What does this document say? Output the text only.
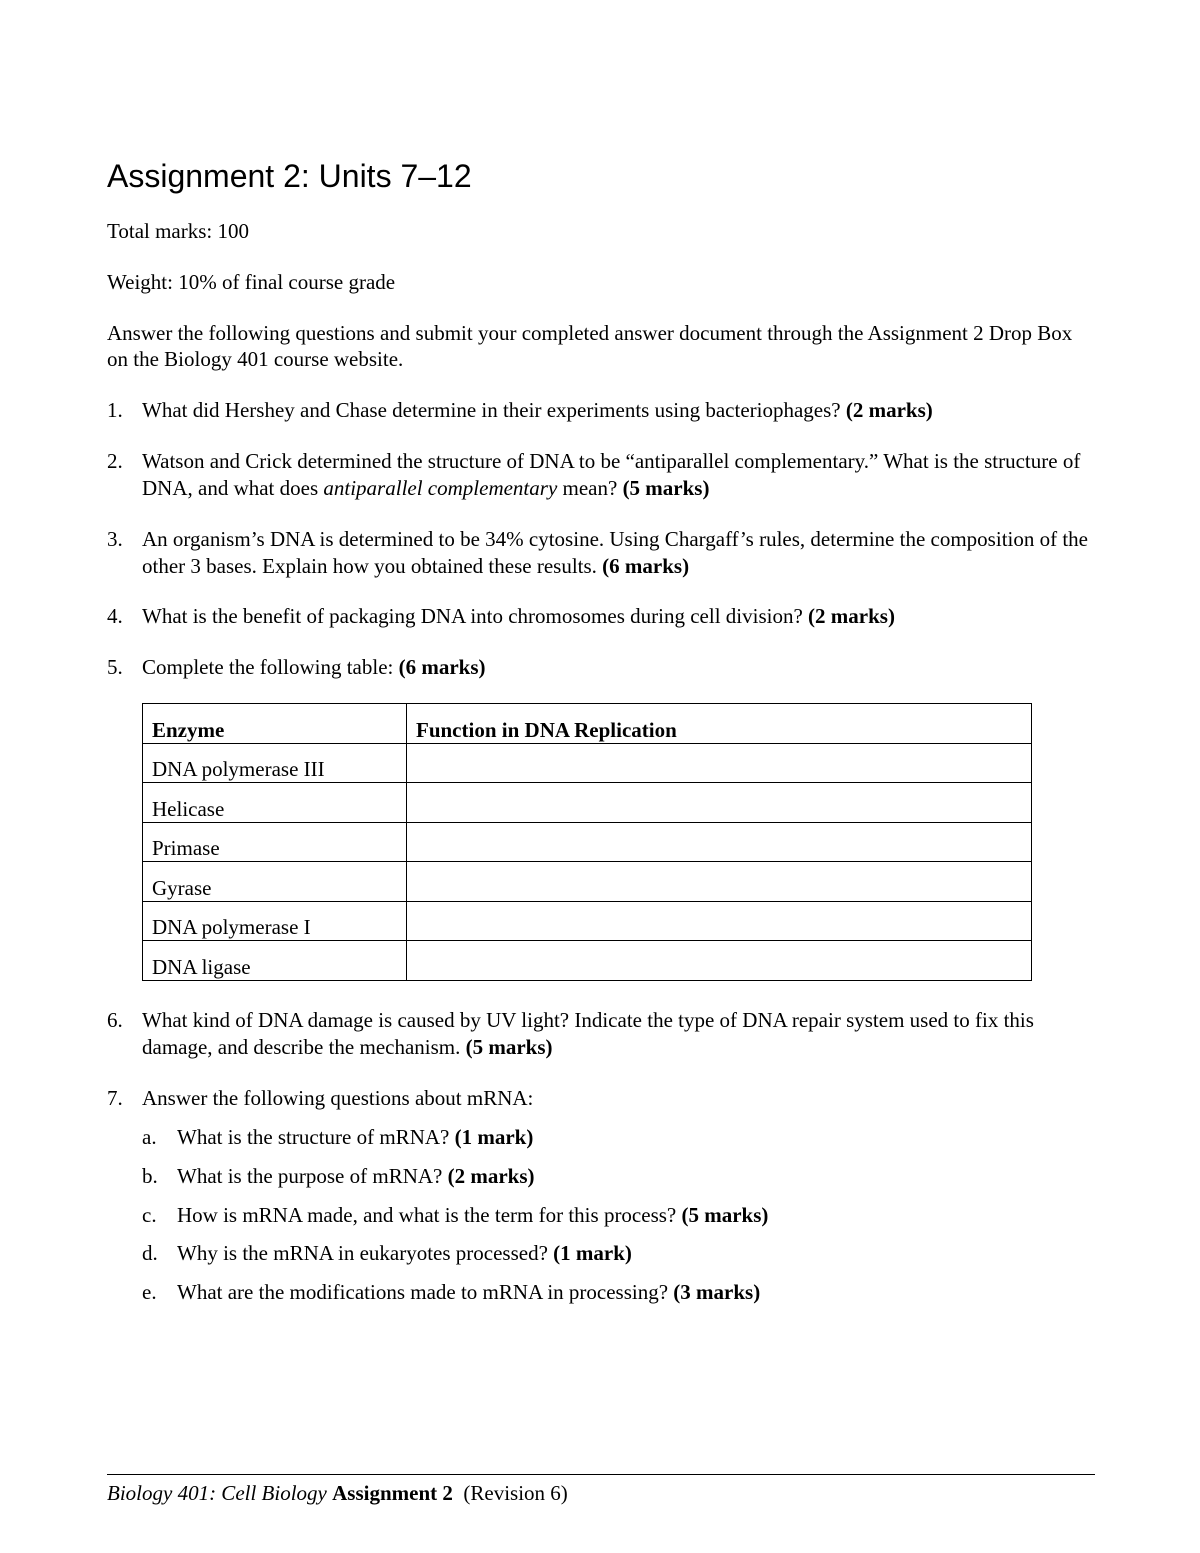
Assignment 2: Units 7–12

Total marks: 100

Weight: 10% of final course grade

Answer the following questions and submit your completed answer document through the Assignment 2 Drop Box on the Biology 401 course website.

1. What did Hershey and Chase determine in their experiments using bacteriophages? (2 marks)
2. Watson and Crick determined the structure of DNA to be “antiparallel complementary.” What is the structure of DNA, and what does antiparallel complementary mean? (5 marks)
3. An organism’s DNA is determined to be 34% cytosine. Using Chargaff’s rules, determine the composition of the other 3 bases. Explain how you obtained these results. (6 marks)
4. What is the benefit of packaging DNA into chromosomes during cell division? (2 marks)
5. Complete the following table: (6 marks)
Enzyme	Function in DNA Replication
DNA polymerase III	
Helicase	
Primase	
Gyrase	
DNA polymerase I	
DNA ligase	
6. What kind of DNA damage is caused by UV light? Indicate the type of DNA repair system used to fix this damage, and describe the mechanism. (5 marks)
7. Answer the following questions about mRNA:
a. What is the structure of mRNA? (1 mark)
b. What is the purpose of mRNA? (2 marks)
c. How is mRNA made, and what is the term for this process? (5 marks)
d. Why is the mRNA in eukaryotes processed? (1 mark)
e. What are the modifications made to mRNA in processing? (3 marks)
Biology 401: Cell Biology Assignment 2 (Revision 6)
